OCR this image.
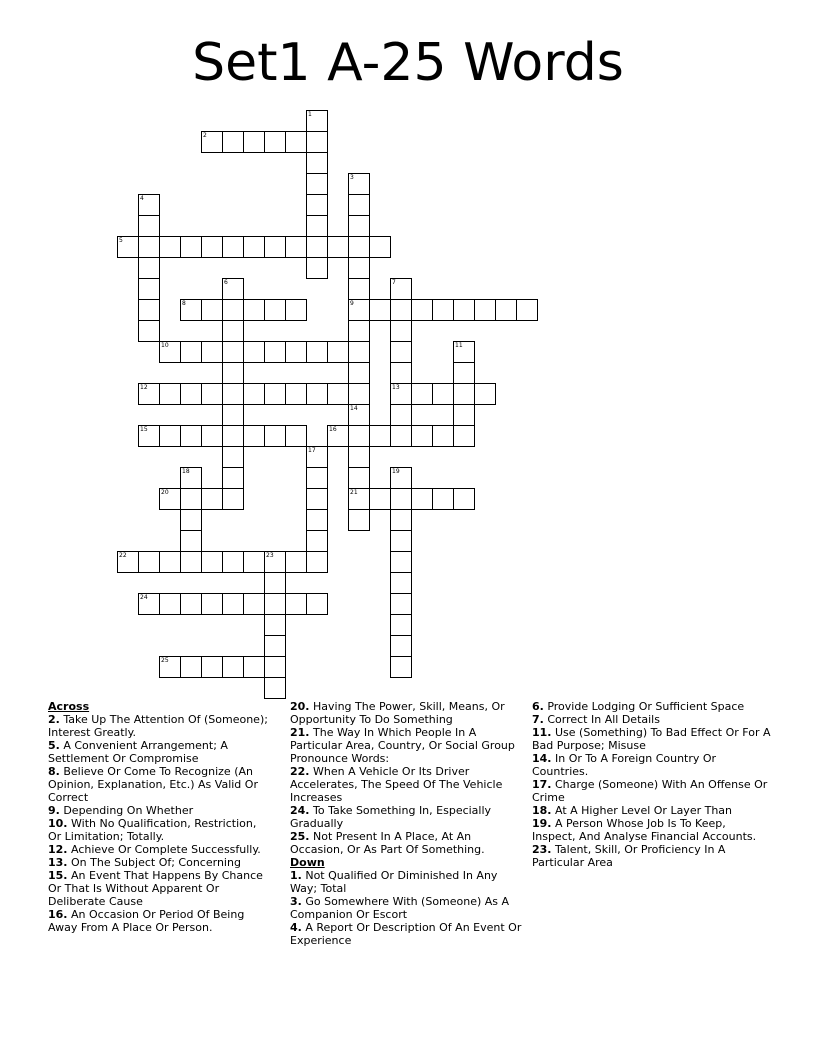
Set1 A-25 Words
1
2
3
9
14
21
4
5
6	7
13
8
10	11
12
15	16
17
18	19
20
22	23
24
25
Across
2. Take Up The Attention Of (Someone); Interest Greatly.
5. A Convenient Arrangement; A Settlement Or Compromise
8. Believe Or Come To Recognize (An Opinion, Explanation, Etc.) As Valid Or Correct
9. Depending On Whether
10. With No Qualification, Restriction, Or Limitation; Totally.
12. Achieve Or Complete Successfully.
13. On The Subject Of; Concerning
15. An Event That Happens By Chance Or That Is Without Apparent Or Deliberate Cause
16. An Occasion Or Period Of Being Away From A Place Or Person.
20. Having The Power, Skill, Means, Or Opportunity To Do Something
21. The Way In Which People In A Particular Area, Country, Or Social Group Pronounce Words:
22. When A Vehicle Or Its Driver Accelerates, The Speed Of The Vehicle Increases
24. To Take Something In, Especially Gradually
25. Not Present In A Place, At An Occasion, Or As Part Of Something.
Down
1. Not Qualified Or Diminished In Any Way; Total
3. Go Somewhere With (Someone) As A Companion Or Escort
4. A Report Or Description Of An Event Or Experience
6. Provide Lodging Or Sufficient Space
7. Correct In All Details
11. Use (Something) To Bad Effect Or For A Bad Purpose; Misuse
14. In Or To A Foreign Country Or Countries.
17. Charge (Someone) With An Offense Or Crime
18. At A Higher Level Or Layer Than
19. A Person Whose Job Is To Keep, Inspect, And Analyse Financial Accounts.
23. Talent, Skill, Or Proficiency In A Particular Area
